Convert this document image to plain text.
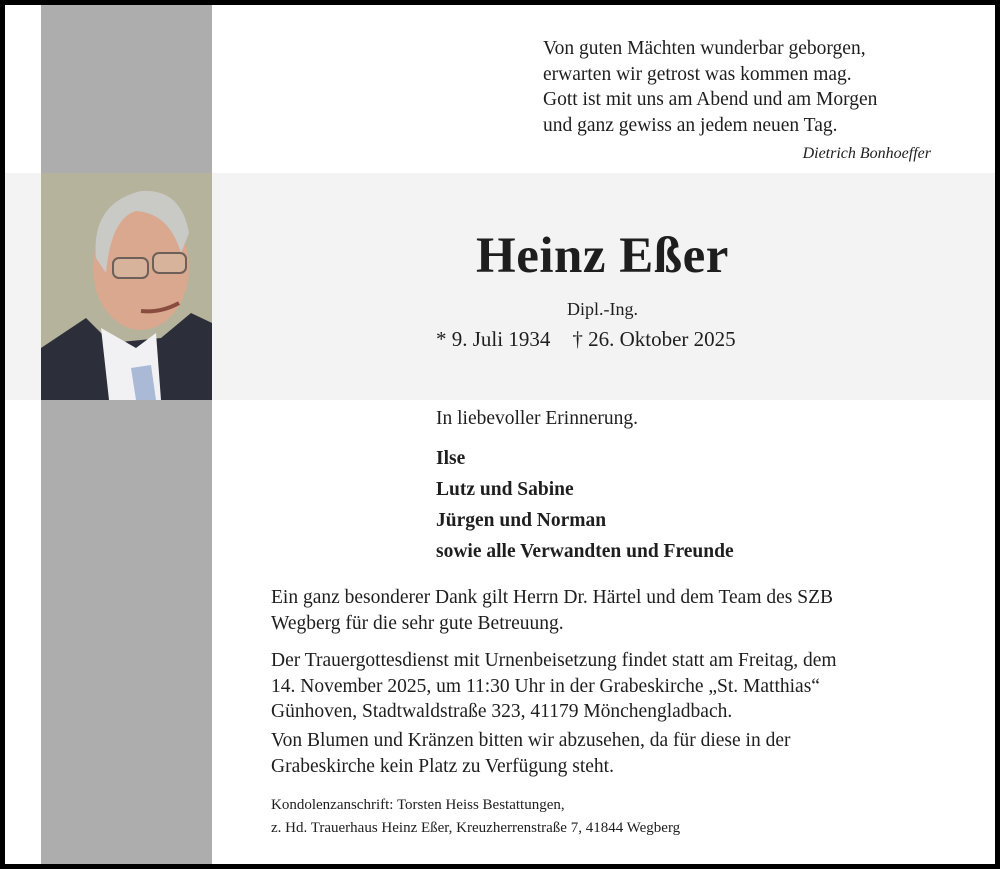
Von guten Mächten wunderbar geborgen,
erwarten wir getrost was kommen mag.
Gott ist mit uns am Abend und am Morgen
und ganz gewiss an jedem neuen Tag.
Dietrich Bonhoeffer
Heinz Eßer
Dipl.-Ing.
* 9. Juli 1934 † 26. Oktober 2025
In liebevoller Erinnerung.
Ilse
Lutz und Sabine
Jürgen und Norman
sowie alle Verwandten und Freunde
Ein ganz besonderer Dank gilt Herrn Dr. Härtel und dem Team des SZB
Wegberg für die sehr gute Betreuung.
Der Trauergottesdienst mit Urnenbeisetzung findet statt am Freitag, dem
14. November 2025, um 11:30 Uhr in der Grabeskirche „St. Matthias“
Günhoven, Stadtwaldstraße 323, 41179 Mönchengladbach.
Von Blumen und Kränzen bitten wir abzusehen, da für diese in der
Grabeskirche kein Platz zu Verfügung steht.
Kondolenzanschrift: Torsten Heiss Bestattungen,
z. Hd. Trauerhaus Heinz Eßer, Kreuzherrenstraße 7, 41844 Wegberg
